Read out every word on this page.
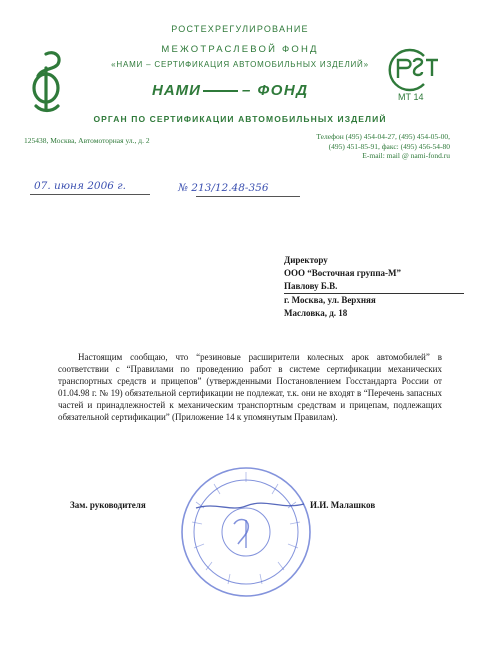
РОСТЕХРЕГУЛИРОВАНИЕ
МЕЖОТРАСЛЕВОЙ ФОНД
«НАМИ – СЕРТИФИКАЦИЯ АВТОМОБИЛЬНЫХ ИЗДЕЛИЙ»
МТ 14
НАМИ	– ФОНД
ОРГАН ПО СЕРТИФИКАЦИИ АВТОМОБИЛЬНЫХ ИЗДЕЛИЙ
125438, Москва, Автомоторная ул., д. 2	Телефон (495) 454-04-27, (495) 454-05-00,
(495) 451-85-91, факс: (495) 456-54-80
E-mail: mail @ nami-fond.ru
07. июня 2006 г.	№ 213/12.48-356
Директору
ООО “Восточная группа-М”
Павлову Б.В.
г. Москва, ул. Верхняя
Масловка, д. 18
Настоящим сообщаю, что “резиновые расширители колесных арок автомобилей” в соответствии с “Правилами по проведению работ в системе сертификации механических транспортных средств и прицепов” (утвержденными Постановлением Госстандарта России от 01.04.98 г. № 19) обязательной сертификации не подлежат, т.к. они не входят в “Перечень запасных частей и принадлежностей к механическим транспортным средствам и прицепам, подлежащих обязательной сертификации” (Приложение 14 к упомянутым Правилам).
Зам. руководителя	И.И. Малашков
